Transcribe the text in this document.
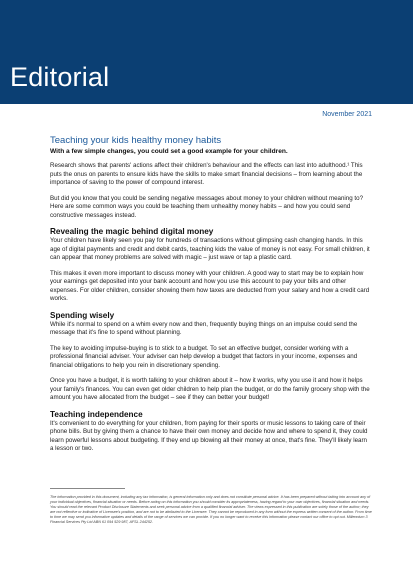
Editorial
November 2021
Teaching your kids healthy money habits
With a few simple changes, you could set a good example for your children.

Research shows that parents' actions affect their children's behaviour and the effects can last into adulthood.¹ This puts the onus on parents to ensure kids have the skills to make smart financial decisions – from learning about the importance of saving to the power of compound interest.

But did you know that you could be sending negative messages about money to your children without meaning to? Here are some common ways you could be teaching them unhealthy money habits – and how you could send constructive messages instead.

Revealing the magic behind digital money

Your children have likely seen you pay for hundreds of transactions without glimpsing cash changing hands. In this age of digital payments and credit and debit cards, teaching kids the value of money is not easy. For small children, it can appear that money problems are solved with magic – just wave or tap a plastic card.

This makes it even more important to discuss money with your children. A good way to start may be to explain how your earnings get deposited into your bank account and how you use this account to pay your bills and other expenses. For older children, consider showing them how taxes are deducted from your salary and how a credit card works.

Spending wisely

While it's normal to spend on a whim every now and then, frequently buying things on an impulse could send the message that it's fine to spend without planning.

The key to avoiding impulse-buying is to stick to a budget. To set an effective budget, consider working with a professional financial adviser. Your adviser can help develop a budget that factors in your income, expenses and financial obligations to help you rein in discretionary spending.

Once you have a budget, it is worth talking to your children about it – how it works, why you use it and how it helps your family's finances. You can even get older children to help plan the budget, or do the family grocery shop with the amount you have allocated from the budget – see if they can better your budget!

Teaching independence

It's convenient to do everything for your children, from paying for their sports or music lessons to taking care of their phone bills. But by giving them a chance to have their own money and decide how and where to spend it, they could learn powerful lessons about budgeting. If they end up blowing all their money at once, that's fine. They'll likely learn a lesson or two.

The information provided in this document, including any tax information, is general information only and does not constitute personal advice. It has been prepared without taking into account any of your individual objectives, financial situation or needs. Before acting on this information you should consider its appropriateness, having regard to your own objectives, financial situation and needs. You should read the relevant Product Disclosure Statements and seek personal advice from a qualified financial adviser. The views expressed in this publication are solely those of the author; they are not reflective or indicative of Licensee's position, and are not to be attributed to the Licensee. They cannot be reproduced in any form without the express written consent of the author. From time to time we may send you informative updates and details of the range of services we can provide. If you no longer want to receive this information please contact our office to opt out. Millennium 3 Financial Services Pty Ltd ABN 61 094 529 987, AFSL 244252.
